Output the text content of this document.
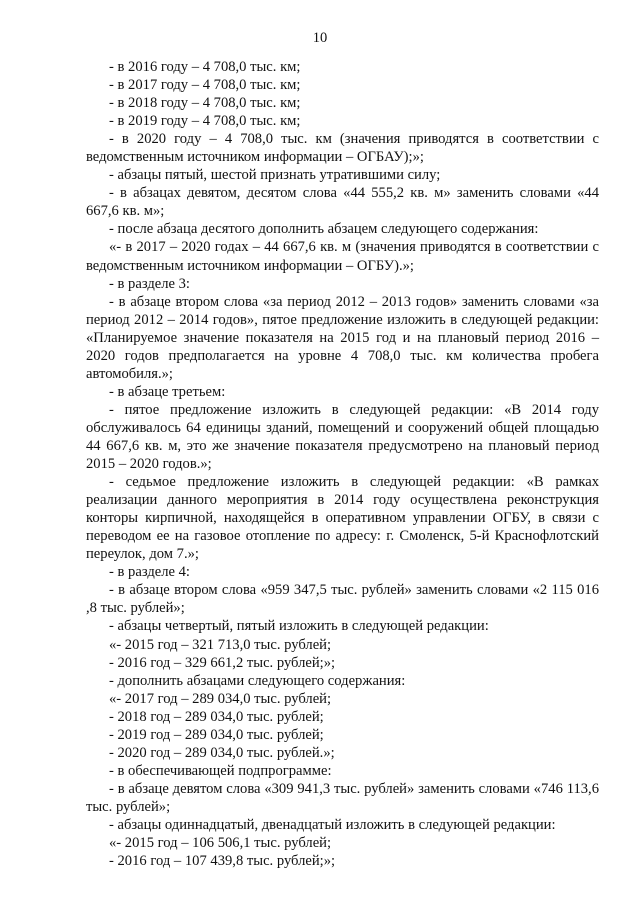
10

- в 2016 году – 4 708,0 тыс. км;

- в 2017 году – 4 708,0 тыс. км;

- в 2018 году – 4 708,0 тыс. км;

- в 2019 году – 4 708,0 тыс. км;

- в 2020 году – 4 708,0 тыс. км (значения приводятся в соответствии с ведомственным источником информации – ОГБАУ);»;

- абзацы пятый, шестой признать утратившими силу;

- в абзацах девятом, десятом слова «44 555,2 кв. м» заменить словами «44 667,6 кв. м»;

- после абзаца десятого дополнить абзацем следующего содержания:

«- в 2017 – 2020 годах – 44 667,6 кв. м (значения приводятся в соответствии с ведомственным источником информации – ОГБУ).»;

- в разделе 3:

- в абзаце втором слова «за период 2012 – 2013 годов» заменить словами «за период 2012 – 2014 годов», пятое предложение изложить в следующей редакции: «Планируемое значение показателя на 2015 год и на плановый период 2016 – 2020 годов предполагается на уровне 4 708,0 тыс. км количества пробега автомобиля.»;

- в абзаце третьем:

- пятое предложение изложить в следующей редакции: «В 2014 году обслуживалось 64 единицы зданий, помещений и сооружений общей площадью 44 667,6 кв. м, это же значение показателя предусмотрено на плановый период 2015 – 2020 годов.»;

- седьмое предложение изложить в следующей редакции: «В рамках реализации данного мероприятия в 2014 году осуществлена реконструкция конторы кирпичной, находящейся в оперативном управлении ОГБУ, в связи с переводом ее на газовое отопление по адресу: г. Смоленск, 5-й Краснофлотский переулок, дом 7.»;

- в разделе 4:

- в абзаце втором слова «959 347,5 тыс. рублей» заменить словами «2 115 016 ,8 тыс. рублей»;

- абзацы четвертый, пятый изложить в следующей редакции:

«- 2015 год – 321 713,0 тыс. рублей;

- 2016 год – 329 661,2 тыс. рублей;»;

- дополнить абзацами следующего содержания:

«- 2017 год – 289 034,0 тыс. рублей;

- 2018 год – 289 034,0 тыс. рублей;

- 2019 год – 289 034,0 тыс. рублей;

- 2020 год – 289 034,0 тыс. рублей.»;

- в обеспечивающей подпрограмме:

- в абзаце девятом слова «309 941,3 тыс. рублей» заменить словами «746 113,6 тыс. рублей»;

- абзацы одиннадцатый, двенадцатый изложить в следующей редакции:

«- 2015 год – 106 506,1 тыс. рублей;

- 2016 год – 107 439,8 тыс. рублей;»;
